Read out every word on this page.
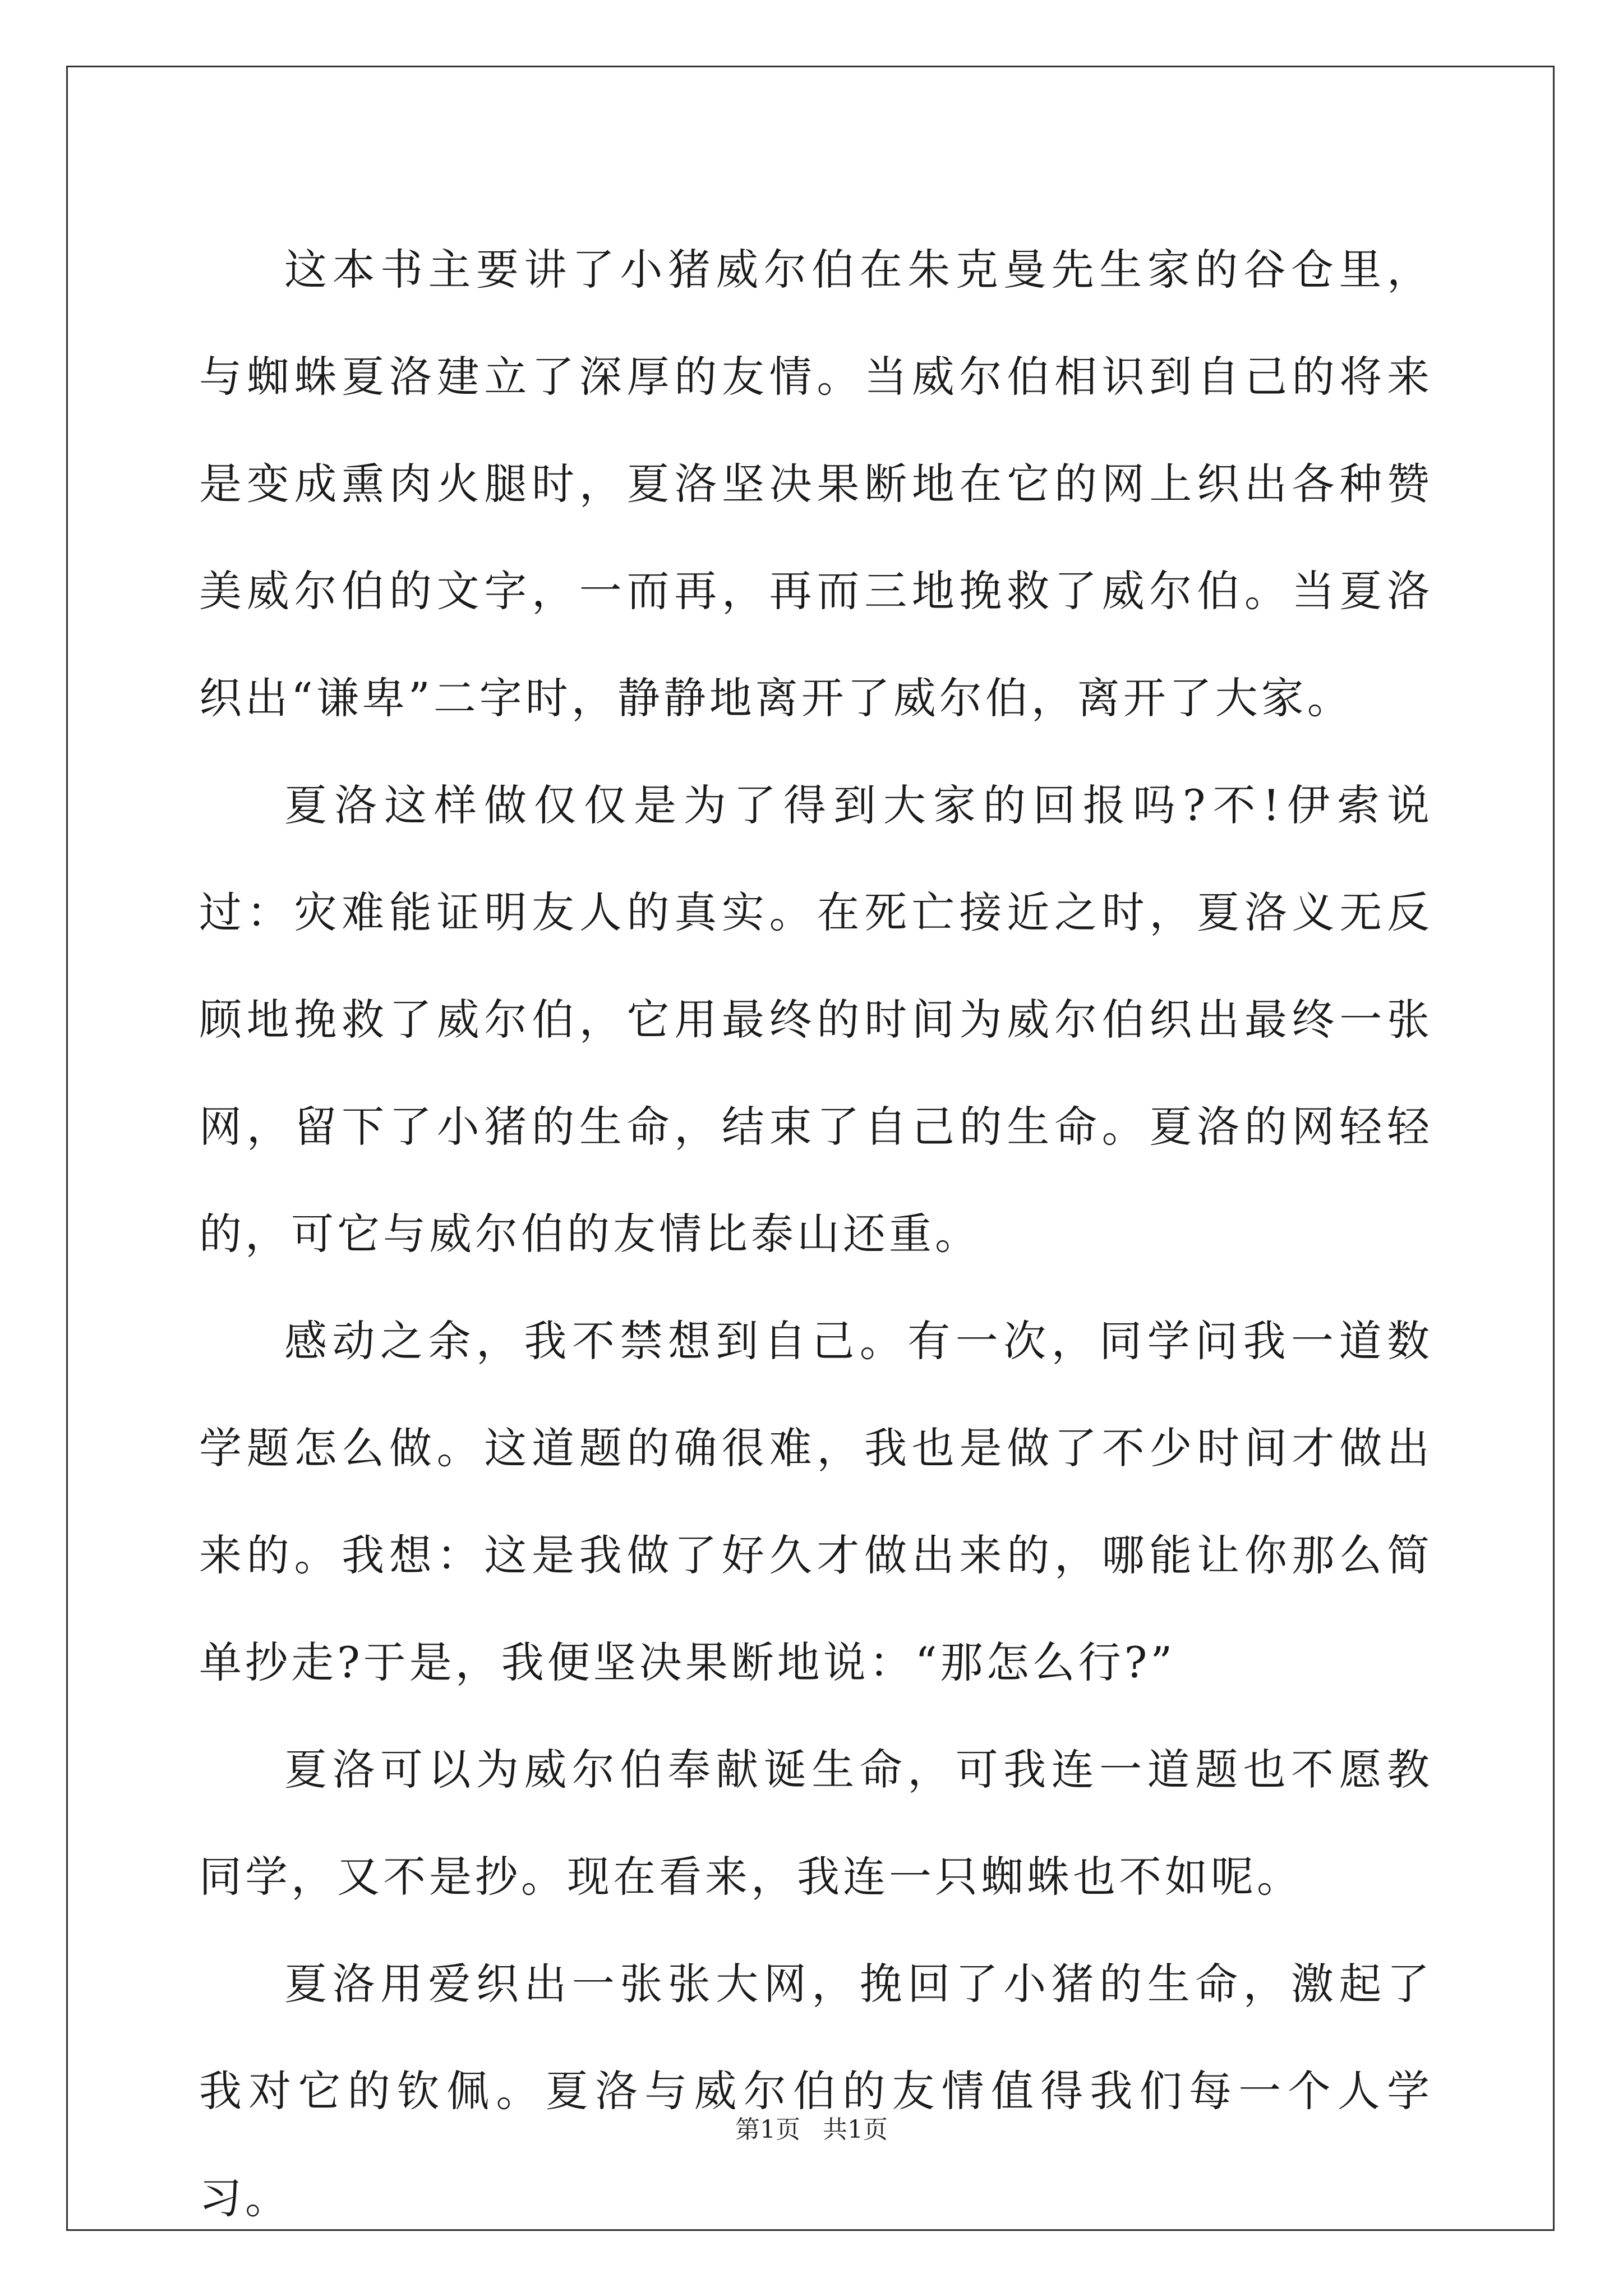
这本书主要讲了小猪威尔伯在朱克曼先生家的谷仓里，与蜘蛛夏洛建立了深厚的友情。当威尔伯相识到自己的将来是变成熏肉火腿时，夏洛坚决果断地在它的网上织出各种赞美威尔伯的文字，一而再，再而三地挽救了威尔伯。当夏洛织出“谦卑”二字时，静静地离开了威尔伯，离开了大家。

夏洛这样做仅仅是为了得到大家的回报吗?不!伊索说过：灾难能证明友人的真实。在死亡接近之时，夏洛义无反顾地挽救了威尔伯，它用最终的时间为威尔伯织出最终一张网，留下了小猪的生命，结束了自己的生命。夏洛的网轻轻的，可它与威尔伯的友情比泰山还重。

感动之余，我不禁想到自己。有一次，同学问我一道数学题怎么做。这道题的确很难，我也是做了不少时间才做出来的。我想：这是我做了好久才做出来的，哪能让你那么简单抄走?于是，我便坚决果断地说：“那怎么行?”

夏洛可以为威尔伯奉献诞生命，可我连一道题也不愿教同学，又不是抄。现在看来，我连一只蜘蛛也不如呢。

夏洛用爱织出一张张大网，挽回了小猪的生命，激起了我对它的钦佩。夏洛与威尔伯的友情值得我们每一个人学习。

第1页 共1页
